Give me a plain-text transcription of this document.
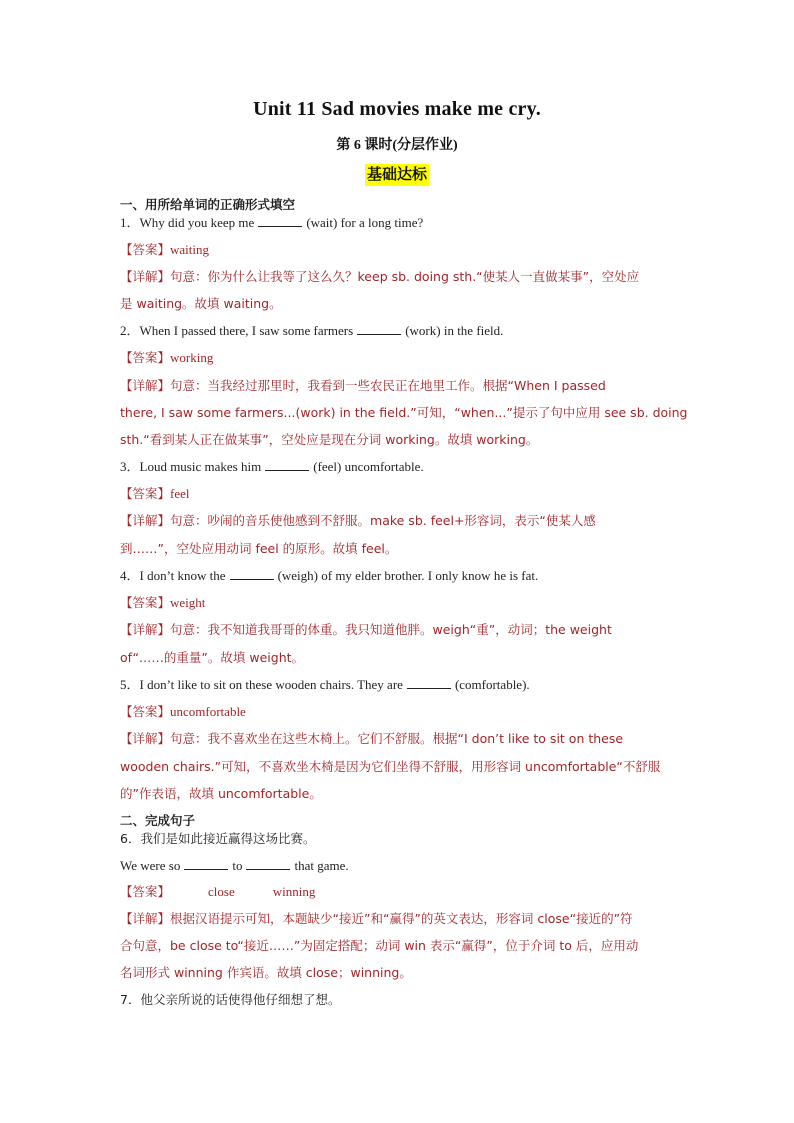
Unit 11 Sad movies make me cry.
第 6 课时(分层作业)
基础达标
一、用所给单词的正确形式填空
1．Why did you keep me	(wait) for a long time?
【答案】waiting
【详解】句意：你为什么让我等了这么久？keep sb. doing sth.“使某人一直做某事”，空处应
是 waiting。故填 waiting。
2．When I passed there, I saw some farmers	(work) in the field.
【答案】working
【详解】句意：当我经过那里时，我看到一些农民正在地里工作。根据“When I passed
there, I saw some farmers...(work) in the field.”可知，“when...”提示了句中应用 see sb. doing
sth.“看到某人正在做某事”，空处应是现在分词 working。故填 working。
3．Loud music makes him	(feel) uncomfortable.
【答案】feel
【详解】句意：吵闹的音乐使他感到不舒服。make sb. feel+形容词，表示“使某人感
到……”，空处应用动词 feel 的原形。故填 feel。
4．I don’t know the	(weigh) of my elder brother. I only know he is fat.
【答案】weight
【详解】句意：我不知道我哥哥的体重。我只知道他胖。weigh“重”，动词；the weight
of“……的重量”。故填 weight。
5．I don’t like to sit on these wooden chairs. They are	(comfortable).
【答案】uncomfortable
【详解】句意：我不喜欢坐在这些木椅上。它们不舒服。根据“I don’t like to sit on these
wooden chairs.”可知，不喜欢坐木椅是因为它们坐得不舒服，用形容词 uncomfortable“不舒服
的”作表语，故填 uncomfortable。
二、完成句子
6．我们是如此接近赢得这场比赛。
We were so	to	that game.
【答案】	close	winning
【详解】根据汉语提示可知，本题缺少“接近”和“赢得”的英文表达，形容词 close“接近的”符
合句意，be close to“接近……”为固定搭配；动词 win 表示“赢得”，位于介词 to 后，应用动
名词形式 winning 作宾语。故填 close；winning。
7．他父亲所说的话使得他仔细想了想。
